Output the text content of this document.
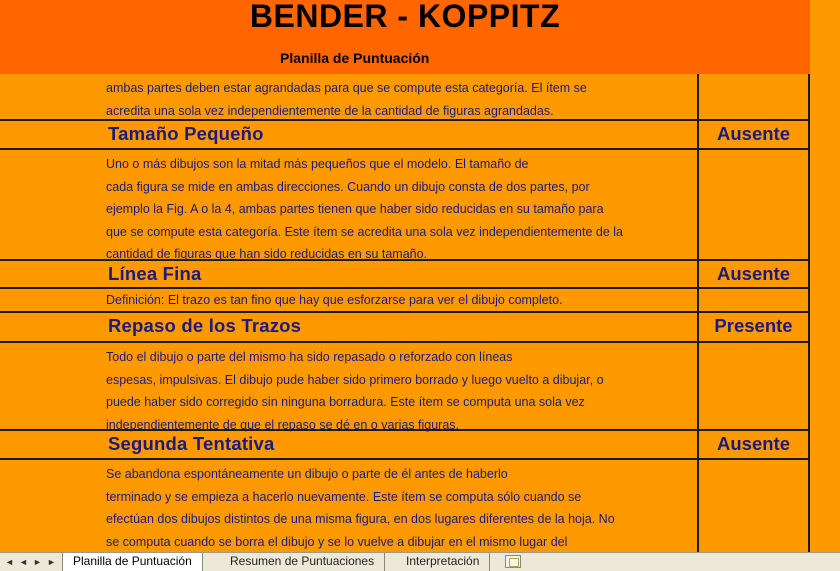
BENDER - KOPPITZ
Planilla de Puntuación
ambas partes deben estar agrandadas para que se compute esta categoría. El ítem se
acredita una sola vez independientemente de la cantidad de figuras agrandadas.
Tamaño Pequeño	Ausente
Uno o más dibujos son la mitad más pequeños que el modelo. El tamaño de
cada figura se mide en ambas direcciones. Cuando un dibujo consta de dos partes, por
ejemplo la Fig. A o la 4, ambas partes tienen que haber sido reducidas en su tamaño para
que se compute esta categoría. Este ítem se acredita una sola vez independientemente de la
cantidad de figuras que han sido reducidas en su tamaño.
Línea Fina	Ausente
Definición: El trazo es tan fino que hay que esforzarse para ver el dibujo completo.
Repaso de los Trazos	Presente
Todo el dibujo o parte del mismo ha sido repasado o reforzado con líneas
espesas, impulsivas. El dibujo pude haber sido primero borrado y luego vuelto a dibujar, o
puede haber sido corregido sin ninguna borradura. Este ítem se computa una sola vez
independientemente de que el repaso se dé en o varias figuras.
Segunda Tentativa	Ausente
Se abandona espontáneamente un dibujo o parte de él antes de haberlo
terminado y se empieza a hacerlo nuevamente. Este ítem se computa sólo cuando se
efectúan dos dibujos distintos de una misma figura, en dos lugares diferentes de la hoja. No
se computa cuando se borra el dibujo y se lo vuelve a dibujar en el mismo lugar del
◄ ◄ ► ►	Planilla de Puntuación	Resumen de Puntuaciones	Interpretación
